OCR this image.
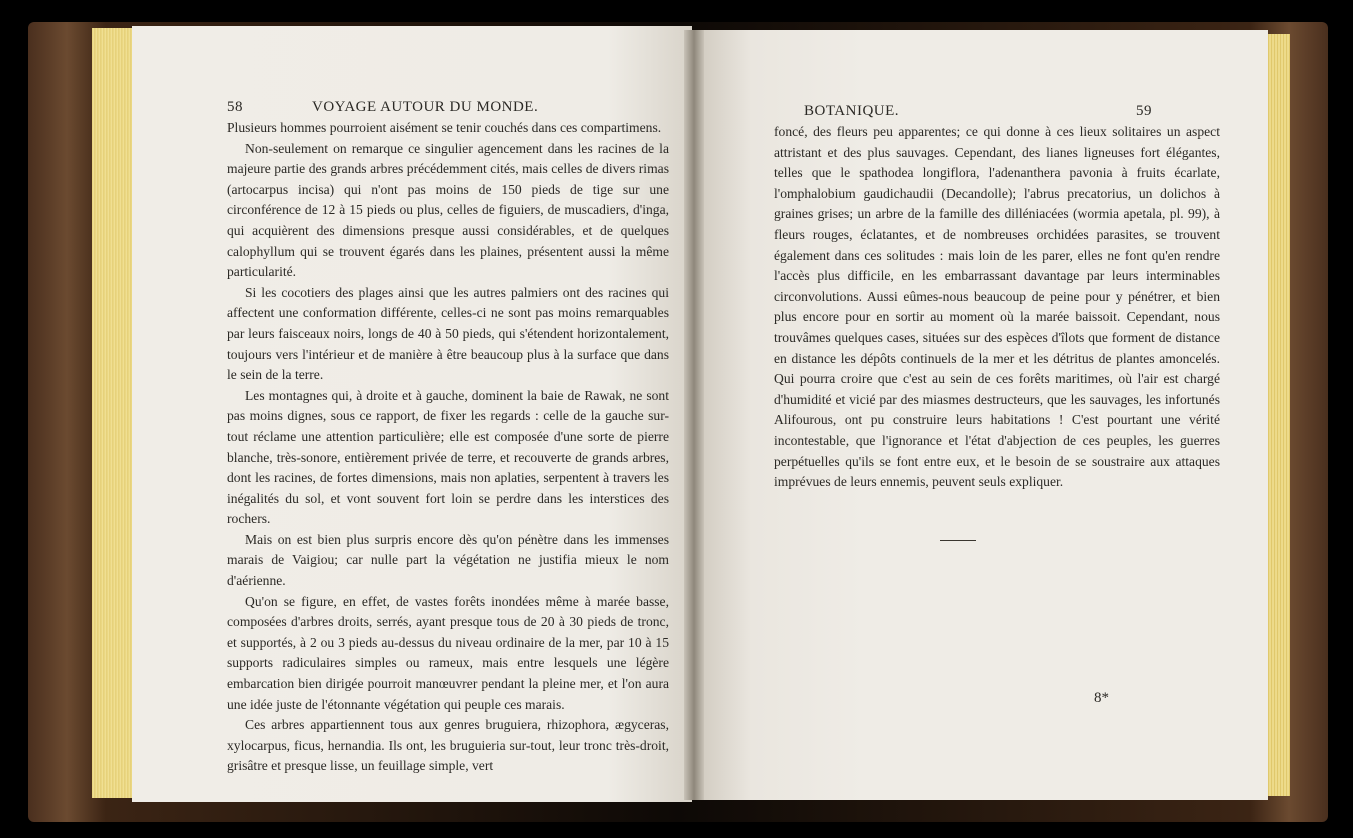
58	VOYAGE AUTOUR DU MONDE.

Plusieurs hommes pourroient aisément se tenir couchés dans ces compartimens.

Non-seulement on remarque ce singulier agencement dans les racines de la majeure partie des grands arbres précédemment cités, mais celles de divers rimas (artocarpus incisa) qui n'ont pas moins de 150 pieds de tige sur une circonférence de 12 à 15 pieds ou plus, celles de figuiers, de muscadiers, d'inga, qui acquièrent des dimensions presque aussi considérables, et de quelques calophyllum qui se trouvent égarés dans les plaines, présentent aussi la même particularité.

Si les cocotiers des plages ainsi que les autres palmiers ont des racines qui affectent une conformation différente, celles-ci ne sont pas moins remarquables par leurs faisceaux noirs, longs de 40 à 50 pieds, qui s'étendent horizontalement, toujours vers l'intérieur et de manière à être beaucoup plus à la surface que dans le sein de la terre.

Les montagnes qui, à droite et à gauche, dominent la baie de Rawak, ne sont pas moins dignes, sous ce rapport, de fixer les regards : celle de la gauche sur-tout réclame une attention particulière; elle est composée d'une sorte de pierre blanche, très-sonore, entièrement privée de terre, et recouverte de grands arbres, dont les racines, de fortes dimensions, mais non aplaties, serpentent à travers les inégalités du sol, et vont souvent fort loin se perdre dans les interstices des rochers.

Mais on est bien plus surpris encore dès qu'on pénètre dans les immenses marais de Vaigiou; car nulle part la végétation ne justifia mieux le nom d'aérienne.

Qu'on se figure, en effet, de vastes forêts inondées même à marée basse, composées d'arbres droits, serrés, ayant presque tous de 20 à 30 pieds de tronc, et supportés, à 2 ou 3 pieds au-dessus du niveau ordinaire de la mer, par 10 à 15 supports radiculaires simples ou rameux, mais entre lesquels une légère embarcation bien dirigée pourroit manœuvrer pendant la pleine mer, et l'on aura une idée juste de l'étonnante végétation qui peuple ces marais.

Ces arbres appartiennent tous aux genres bruguiera, rhizophora, ægyceras, xylocarpus, ficus, hernandia. Ils ont, les bruguieria sur-tout, leur tronc très-droit, grisâtre et presque lisse, un feuillage simple, vert

BOTANIQUE.	59

foncé, des fleurs peu apparentes; ce qui donne à ces lieux solitaires un aspect attristant et des plus sauvages. Cependant, des lianes ligneuses fort élégantes, telles que le spathodea longiflora, l'adenanthera pavonia à fruits écarlate, l'omphalobium gaudichaudii (Decandolle); l'abrus precatorius, un dolichos à graines grises; un arbre de la famille des dilléniacées (wormia apetala, pl. 99), à fleurs rouges, éclatantes, et de nombreuses orchidées parasites, se trouvent également dans ces solitudes : mais loin de les parer, elles ne font qu'en rendre l'accès plus difficile, en les embarrassant davantage par leurs interminables circonvolutions. Aussi eûmes-nous beaucoup de peine pour y pénétrer, et bien plus encore pour en sortir au moment où la marée baissoit. Cependant, nous trouvâmes quelques cases, situées sur des espèces d'îlots que forment de distance en distance les dépôts continuels de la mer et les détritus de plantes amoncelés. Qui pourra croire que c'est au sein de ces forêts maritimes, où l'air est chargé d'humidité et vicié par des miasmes destructeurs, que les sauvages, les infortunés Alifourous, ont pu construire leurs habitations ! C'est pourtant une vérité incontestable, que l'ignorance et l'état d'abjection de ces peuples, les guerres perpétuelles qu'ils se font entre eux, et le besoin de se soustraire aux attaques imprévues de leurs ennemis, peuvent seuls expliquer.

8*
